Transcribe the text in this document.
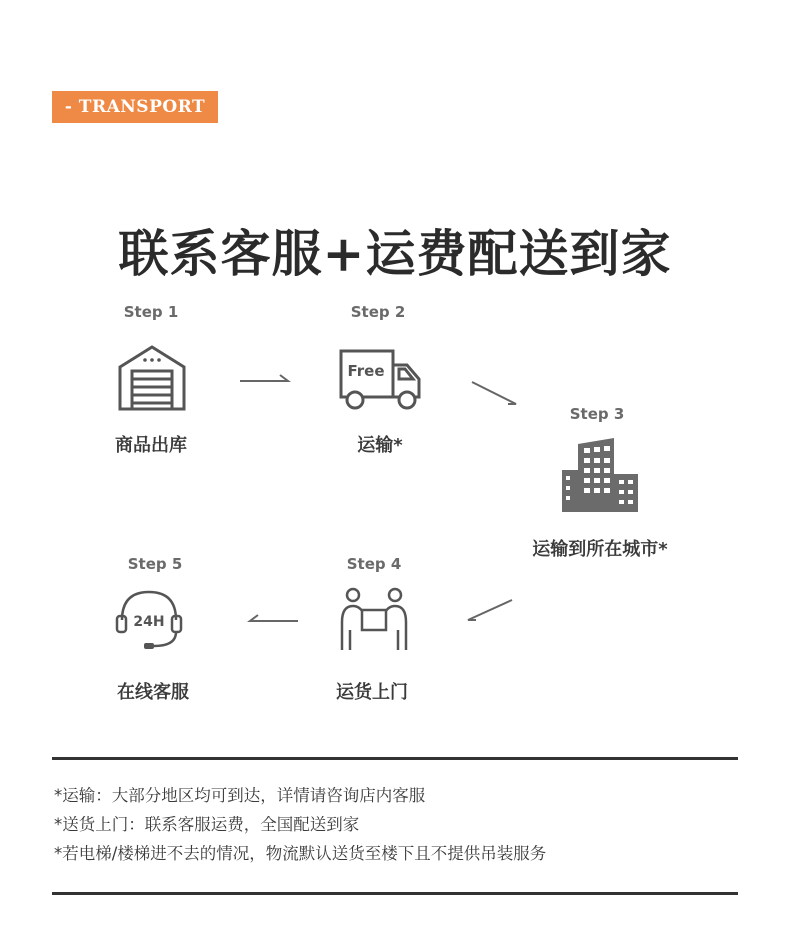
- TRANSPORT
联系客服+运费配送到家
Step 1
商品出库
Step 2
Free
运输*
Step 3
运输到所在城市*
Step 4
运货上门
Step 5
24H
在线客服
*运输：大部分地区均可到达，详情请咨询店内客服
*送货上门：联系客服运费，全国配送到家
*若电梯/楼梯进不去的情况，物流默认送货至楼下且不提供吊装服务
